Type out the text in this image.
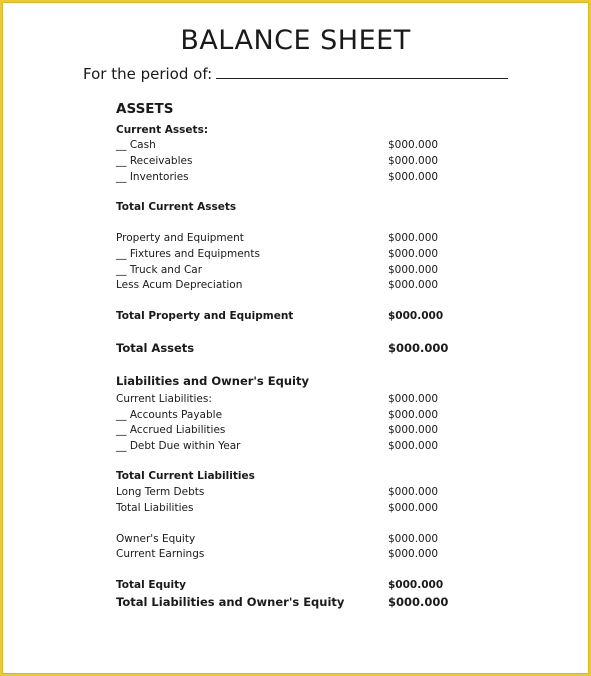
BALANCE SHEET
For the period of:
ASSETS
Current Assets:
__ Cash	$000.000
__ Receivables	$000.000
__ Inventories	$000.000
Total Current Assets
Property and Equipment	$000.000
__ Fixtures and Equipments	$000.000
__ Truck and Car	$000.000
Less Acum Depreciation	$000.000
Total Property and Equipment	$000.000
Total Assets	$000.000
Liabilities and Owner's Equity
Current Liabilities:	$000.000
__ Accounts Payable	$000.000
__ Accrued Liabilities	$000.000
__ Debt Due within Year	$000.000
Total Current Liabilities
Long Term Debts	$000.000
Total Liabilities	$000.000
Owner's Equity	$000.000
Current Earnings	$000.000
Total Equity	$000.000
Total Liabilities and Owner's Equity	$000.000
